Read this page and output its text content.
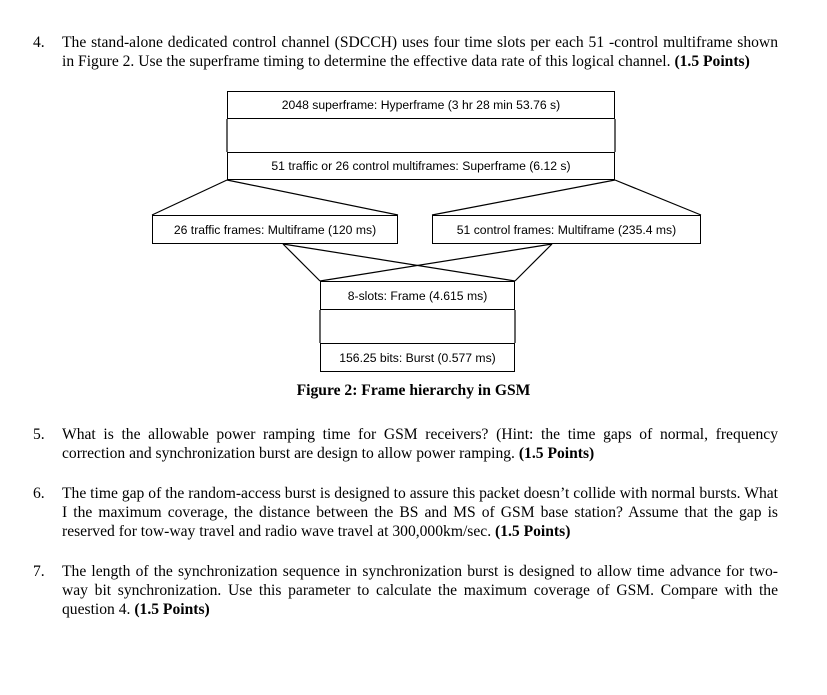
4. The stand-alone dedicated control channel (SDCCH) uses four time slots per each 51 -control multiframe shown in Figure 2. Use the superframe timing to determine the effective data rate of this logical channel. (1.5 Points)
2048 superframe: Hyperframe (3 hr 28 min 53.76 s)
51 traffic or 26 control multiframes: Superframe (6.12 s)
26 traffic frames: Multiframe (120 ms)	51 control frames: Multiframe (235.4 ms)
8-slots: Frame (4.615 ms)
156.25 bits: Burst (0.577 ms)
Figure 2: Frame hierarchy in GSM
5. What is the allowable power ramping time for GSM receivers? (Hint: the time gaps of normal, frequency correction and synchronization burst are design to allow power ramping. (1.5 Points)
6. The time gap of the random-access burst is designed to assure this packet doesn’t collide with normal bursts. What I the maximum coverage, the distance between the BS and MS of GSM base station? Assume that the gap is reserved for tow-way travel and radio wave travel at 300,000km/sec. (1.5 Points)
7. The length of the synchronization sequence in synchronization burst is designed to allow time advance for two-way bit synchronization. Use this parameter to calculate the maximum coverage of GSM. Compare with the question 4. (1.5 Points)
